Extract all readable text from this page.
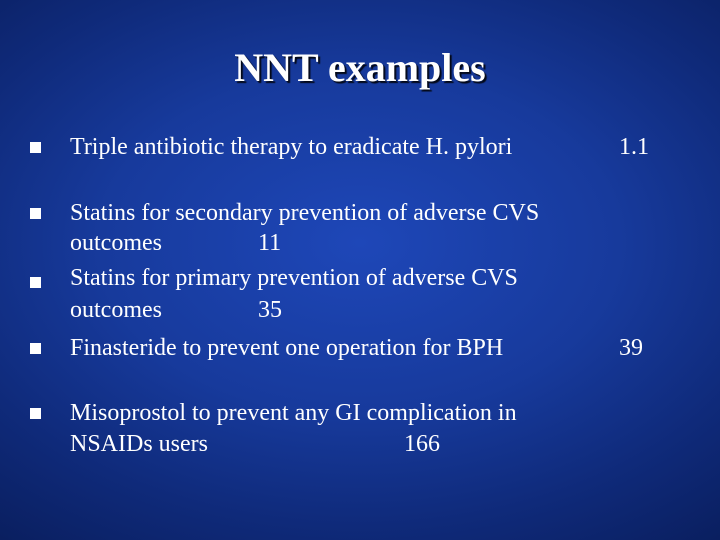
NNT examples
Triple antibiotic therapy to eradicate H. pylori	1.1
Statins for secondary prevention of adverse CVS
outcomes	11
Statins for primary prevention of adverse CVS
outcomes	35
Finasteride to prevent one operation for BPH	39
Misoprostol to prevent any GI complication in
NSAIDs users	166
